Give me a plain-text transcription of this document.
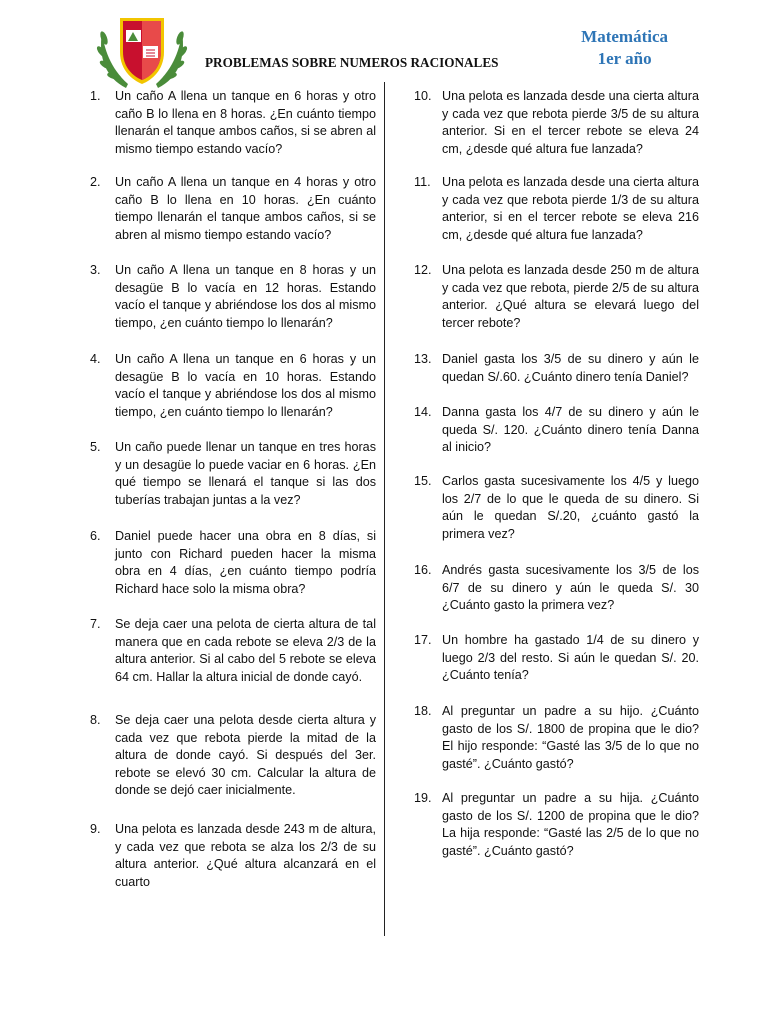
Matemática
1er año
PROBLEMAS SOBRE NUMEROS RACIONALES
1. Un caño A llena un tanque en 6 horas y otro caño B lo llena en 8 horas. ¿En cuánto tiempo llenarán el tanque ambos caños, si se abren al mismo tiempo estando vacío?
2. Un caño A llena un tanque en 4 horas y otro caño B lo llena en 10 horas. ¿En cuánto tiempo llenarán el tanque ambos caños, si se abren al mismo tiempo estando vacío?
3. Un caño A llena un tanque en 8 horas y un desagüe B lo vacía en 12 horas. Estando vacío el tanque y abriéndose los dos al mismo tiempo, ¿en cuánto tiempo lo llenarán?
4. Un caño A llena un tanque en 6 horas y un desagüe B lo vacía en 10 horas. Estando vacío el tanque y abriéndose los dos al mismo tiempo, ¿en cuánto tiempo lo llenarán?
5. Un caño puede llenar un tanque en tres horas y un desagüe lo puede vaciar en 6 horas. ¿En qué tiempo se llenará el tanque si las dos tuberías trabajan juntas a la vez?
6. Daniel puede hacer una obra en 8 días, si junto con Richard pueden hacer la misma obra en 4 días, ¿en cuánto tiempo podría Richard hace solo la misma obra?
7. Se deja caer una pelota de cierta altura de tal manera que en cada rebote se eleva 2/3 de la altura anterior. Si al cabo del 5 rebote se eleva 64 cm. Hallar la altura inicial de donde cayó.
8. Se deja caer una pelota desde cierta altura y cada vez que rebota pierde la mitad de la altura de donde cayó. Si después del 3er. rebote se elevó 30 cm. Calcular la altura de donde se dejó caer inicialmente.
9. Una pelota es lanzada desde 243 m de altura, y cada vez que rebota se alza los 2/3 de su altura anterior. ¿Qué altura alcanzará en el cuarto
10. Una pelota es lanzada desde una cierta altura y cada vez que rebota pierde 3/5 de su altura anterior. Si en el tercer rebote se eleva 24 cm, ¿desde qué altura fue lanzada?
11. Una pelota es lanzada desde una cierta altura y cada vez que rebota pierde 1/3 de su altura anterior, si en el tercer rebote se eleva 216 cm, ¿desde qué altura fue lanzada?
12. Una pelota es lanzada desde 250 m de altura y cada vez que rebota, pierde 2/5 de su altura anterior. ¿Qué altura se elevará luego del tercer rebote?
13. Daniel gasta los 3/5 de su dinero y aún le quedan S/.60. ¿Cuánto dinero tenía Daniel?
14. Danna gasta los 4/7 de su dinero y aún le queda S/. 120. ¿Cuánto dinero tenía Danna al inicio?
15. Carlos gasta sucesivamente los 4/5 y luego los 2/7 de lo que le queda de su dinero. Si aún le quedan S/.20, ¿cuánto gastó la primera vez?
16. Andrés gasta sucesivamente los 3/5 de los 6/7 de su dinero y aún le queda S/. 30 ¿Cuánto gasto la primera vez?
17. Un hombre ha gastado 1/4 de su dinero y luego 2/3 del resto. Si aún le quedan S/. 20. ¿Cuánto tenía?
18. Al preguntar un padre a su hijo. ¿Cuánto gasto de los S/. 1800 de propina que le dio? El hijo responde: “Gasté las 3/5 de lo que no gasté”. ¿Cuánto gastó?
19. Al preguntar un padre a su hija. ¿Cuánto gasto de los S/. 1200 de propina que le dio? La hija responde: “Gasté las 2/5 de lo que no gasté”. ¿Cuánto gastó?
